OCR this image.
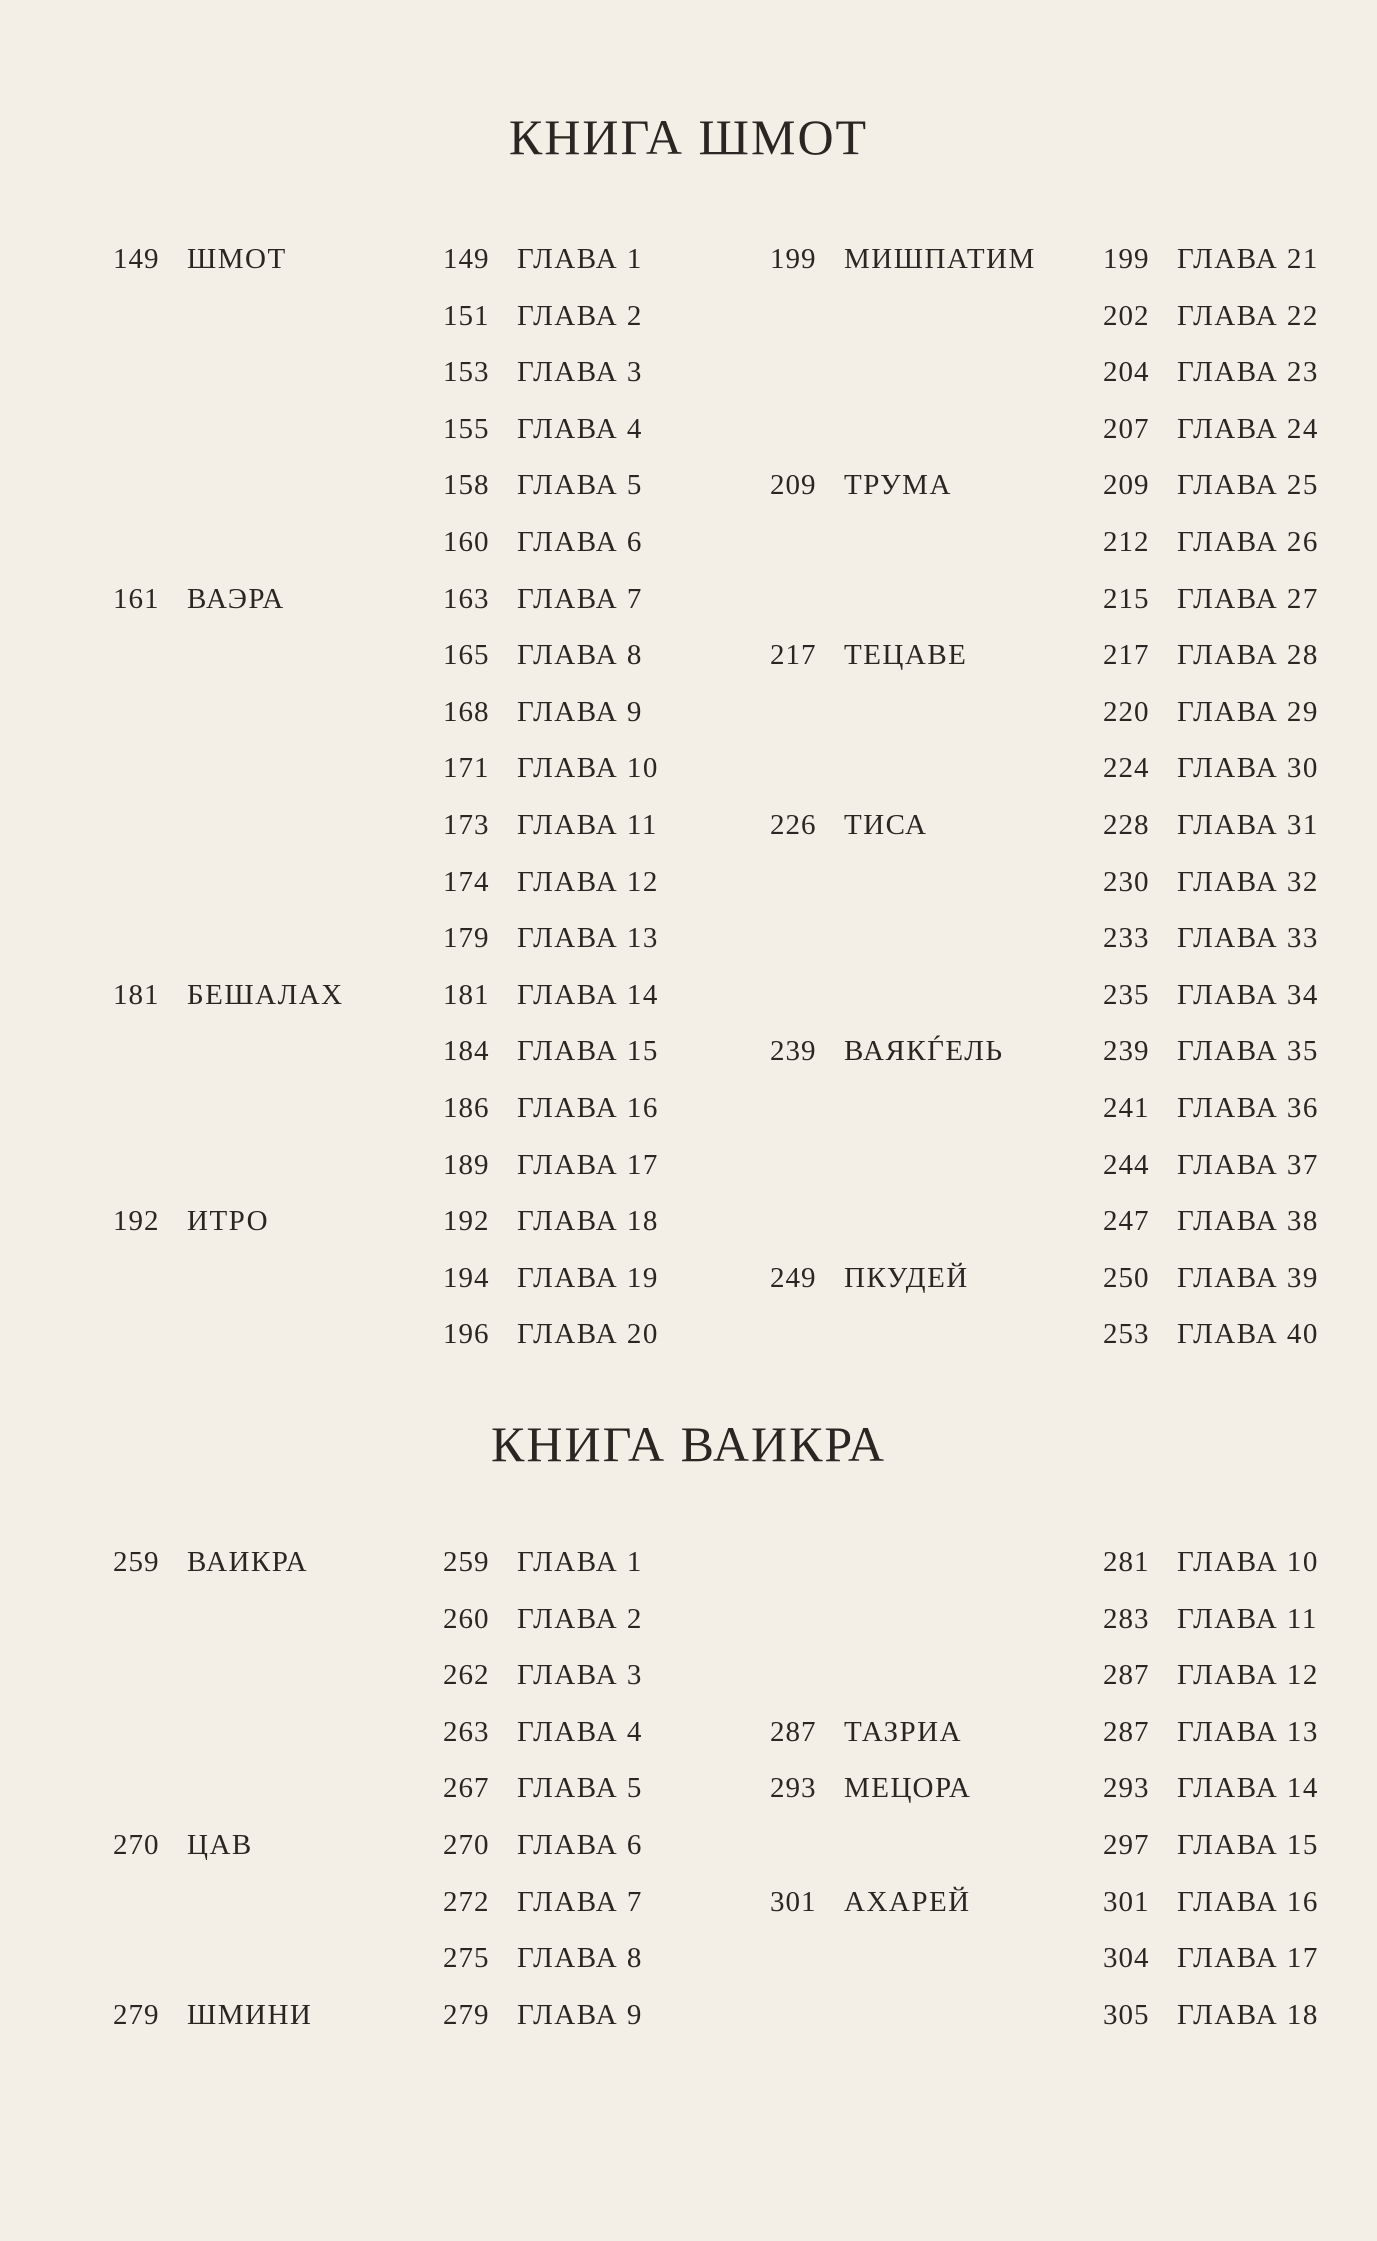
КНИГА ШМОТ
КНИГА ВАИКРА
149 ШМОТ
161 ВАЭРА
181 БЕШАЛАХ
192 ИТРО
199 МИШПАТИМ
209 ТРУМА
217 ТЕЦАВЕ
226 ТИСА
239 ВАЯКЃЕЛЬ
249 ПКУДЕЙ
149 ГЛАВА 1
151 ГЛАВА 2
153 ГЛАВА 3
155 ГЛАВА 4
158 ГЛАВА 5
160 ГЛАВА 6
163 ГЛАВА 7
165 ГЛАВА 8
168 ГЛАВА 9
171 ГЛАВА 10
173 ГЛАВА 11
174 ГЛАВА 12
179 ГЛАВА 13
181 ГЛАВА 14
184 ГЛАВА 15
186 ГЛАВА 16
189 ГЛАВА 17
192 ГЛАВА 18
194 ГЛАВА 19
196 ГЛАВА 20
199 ГЛАВА 21
202 ГЛАВА 22
204 ГЛАВА 23
207 ГЛАВА 24
209 ГЛАВА 25
212 ГЛАВА 26
215 ГЛАВА 27
217 ГЛАВА 28
220 ГЛАВА 29
224 ГЛАВА 30
228 ГЛАВА 31
230 ГЛАВА 32
233 ГЛАВА 33
235 ГЛАВА 34
239 ГЛАВА 35
241 ГЛАВА 36
244 ГЛАВА 37
247 ГЛАВА 38
250 ГЛАВА 39
253 ГЛАВА 40
259 ВАИКРА
270 ЦАВ
279 ШМИНИ
287 ТАЗРИА
293 МЕЦОРА
301 АХАРЕЙ
259 ГЛАВА 1
260 ГЛАВА 2
262 ГЛАВА 3
263 ГЛАВА 4
267 ГЛАВА 5
270 ГЛАВА 6
272 ГЛАВА 7
275 ГЛАВА 8
279 ГЛАВА 9
281 ГЛАВА 10
283 ГЛАВА 11
287 ГЛАВА 12
287 ГЛАВА 13
293 ГЛАВА 14
297 ГЛАВА 15
301 ГЛАВА 16
304 ГЛАВА 17
305 ГЛАВА 18
